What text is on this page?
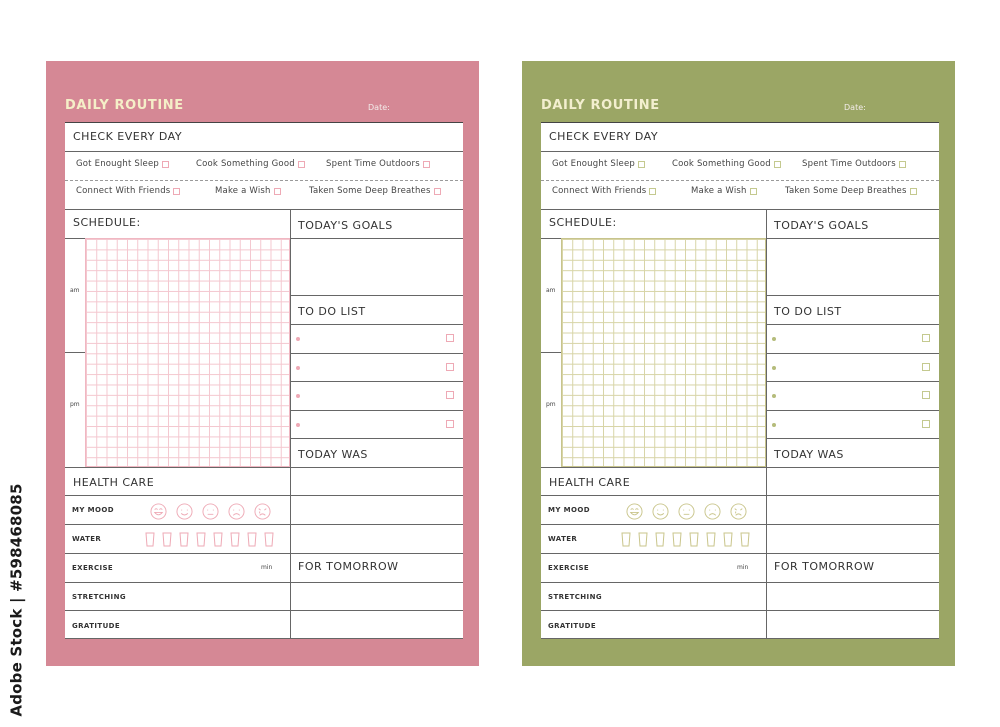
Adobe Stock | #598468085
DAILY ROUTINE	Date:
CHECK EVERY DAY
Got Enought Sleep	Cook Something Good	Spent Time Outdoors
Connect With Friends	Make a Wish	Taken Some Deep Breathes
SCHEDULE:
am
pm
TODAY'S GOALS
TO DO LIST
TODAY WAS
HEALTH CARE
MY MOOD
WATER
EXERCISE	min FOR TOMORROW
STRETCHING
GRATITUDE
DAILY ROUTINE	Date:
CHECK EVERY DAY
Got Enought Sleep	Cook Something Good	Spent Time Outdoors
Connect With Friends	Make a Wish	Taken Some Deep Breathes
SCHEDULE:
am
pm
TODAY'S GOALS
TO DO LIST
TODAY WAS
HEALTH CARE
MY MOOD
WATER
EXERCISE	min FOR TOMORROW
STRETCHING
GRATITUDE
